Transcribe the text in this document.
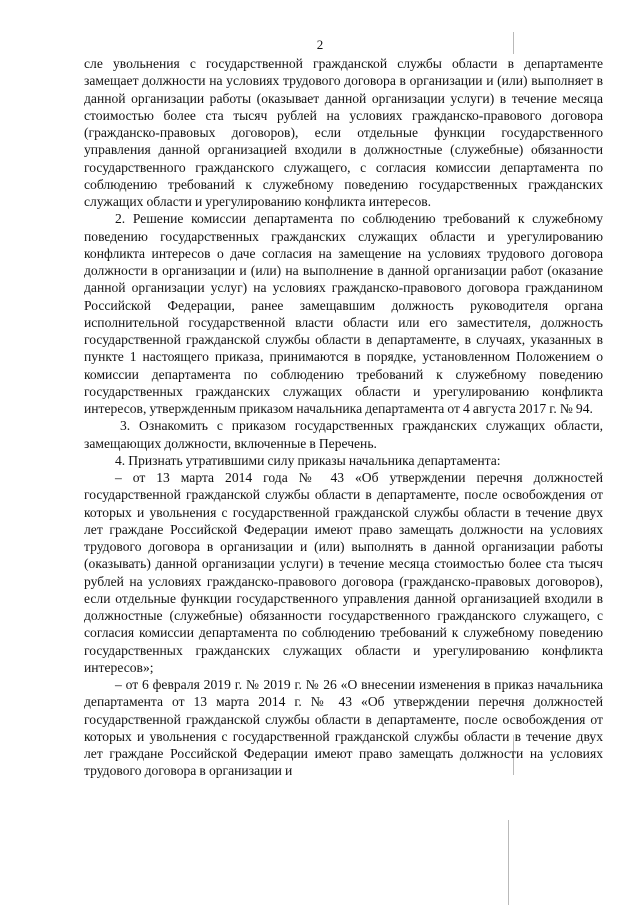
2

сле увольнения с государственной гражданской службы области в департаменте замещает должности на условиях трудового договора в организации и (или) выполняет в данной организации работы (оказывает данной организации услуги) в течение месяца стоимостью более ста тысяч рублей на условиях гражданско-правового договора (гражданско-правовых договоров), если отдельные функции государственного управления данной организацией входили в должностные (служебные) обязанности государственного гражданского служащего, с согласия комиссии департамента по соблюдению требований к служебному поведению государственных гражданских служащих области и урегулированию конфликта интересов.

2. Решение комиссии департамента по соблюдению требований к служебному поведению государственных гражданских служащих области и урегулированию конфликта интересов о даче согласия на замещение на условиях трудового договора должности в организации и (или) на выполнение в данной организации работ (оказание данной организации услуг) на условиях гражданско-правового договора гражданином Российской Федерации, ранее замещавшим должность руководителя органа исполнительной государственной власти области или его заместителя, должность государственной гражданской службы области в департаменте, в случаях, указанных в пункте 1 настоящего приказа, принимаются в порядке, установленном Положением о комиссии департамента по соблюдению требований к служебному поведению государственных гражданских служащих области и урегулированию конфликта интересов, утвержденным приказом начальника департамента от 4 августа 2017 г. № 94.

3. Ознакомить с приказом государственных гражданских служащих области, замещающих должности, включенные в Перечень.

4. Признать утратившими силу приказы начальника департамента:

– от 13 марта 2014 года № 43 «Об утверждении перечня должностей государственной гражданской службы области в департаменте, после освобождения от которых и увольнения с государственной гражданской службы области в течение двух лет граждане Российской Федерации имеют право замещать должности на условиях трудового договора в организации и (или) выполнять в данной организации работы (оказывать) данной организации услуги) в течение месяца стоимостью более ста тысяч рублей на условиях гражданско-правового договора (гражданско-правовых договоров), если отдельные функции государственного управления данной организацией входили в должностные (служебные) обязанности государственного гражданского служащего, с согласия комиссии департамента по соблюдению требований к служебному поведению государственных гражданских служащих области и урегулированию конфликта интересов»;

– от 6 февраля 2019 г. № 2019 г. № 26 «О внесении изменения в приказ начальника департамента от 13 марта 2014 г. № 43 «Об утверждении перечня должностей государственной гражданской службы области в департаменте, после освобождения от которых и увольнения с государственной гражданской службы области в течение двух лет граждане Российской Федерации имеют право замещать должности на условиях трудового договора в организации и
